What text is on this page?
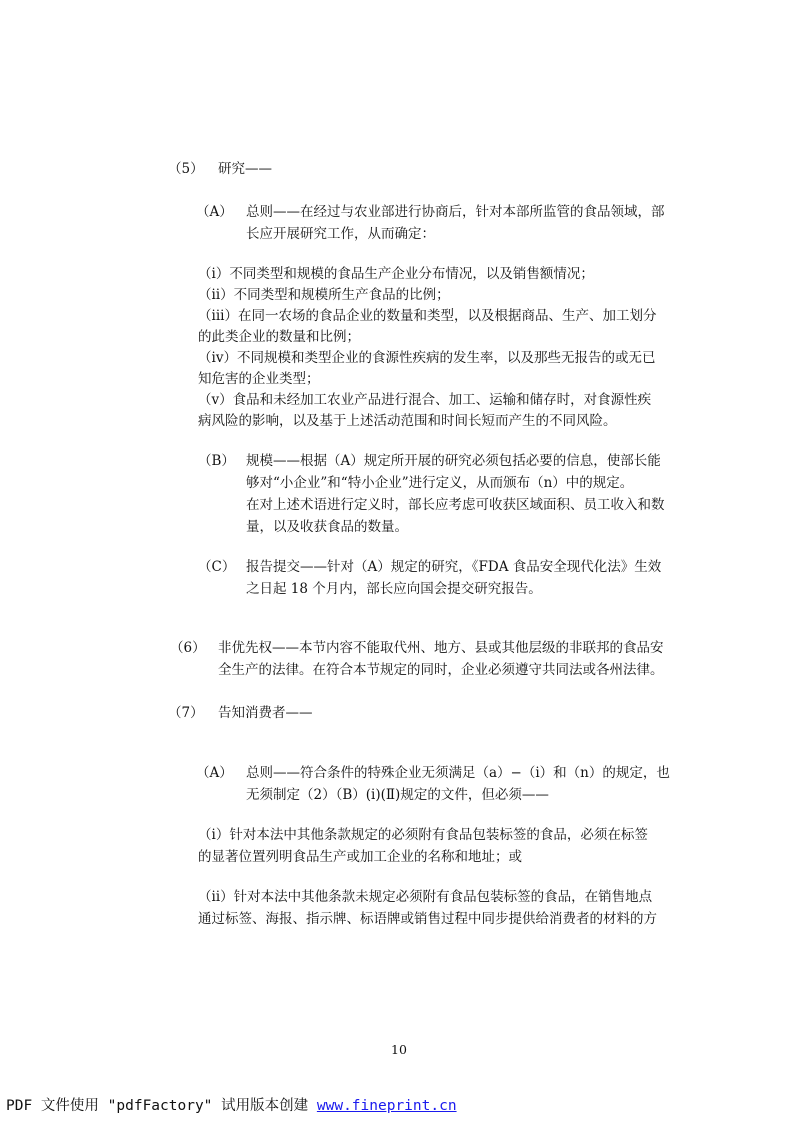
（5） 研究——
（A） 总则——在经过与农业部进行协商后，针对本部所监管的食品领域，部
长应开展研究工作，从而确定：
（ⅰ）不同类型和规模的食品生产企业分布情况，以及销售额情况；
（ⅱ）不同类型和规模所生产食品的比例；
（iii）在同一农场的食品企业的数量和类型，以及根据商品、生产、加工划分
的此类企业的数量和比例；
（iv）不同规模和类型企业的食源性疾病的发生率，以及那些无报告的或无已
知危害的企业类型；
（ⅴ）食品和未经加工农业产品进行混合、加工、运输和储存时，对食源性疾
病风险的影响，以及基于上述活动范围和时间长短而产生的不同风险。
（B） 规模——根据（A）规定所开展的研究必须包括必要的信息，使部长能
够对“小企业”和“特小企业”进行定义，从而颁布（n）中的规定。
在对上述术语进行定义时，部长应考虑可收获区域面积、员工收入和数
量，以及收获食品的数量。
（C） 报告提交——针对（A）规定的研究，《FDA 食品安全现代化法》生效
之日起 18 个月内，部长应向国会提交研究报告。
（6） 非优先权——本节内容不能取代州、地方、县或其他层级的非联邦的食品安
全生产的法律。在符合本节规定的同时，企业必须遵守共同法或各州法律。
（7） 告知消费者——
（A） 总则——符合条件的特殊企业无须满足（a）−（i）和（n）的规定，也
无须制定（2）（B）(ⅰ)(Ⅱ)规定的文件，但必须——
（ⅰ）针对本法中其他条款规定的必须附有食品包装标签的食品，必须在标签
的显著位置列明食品生产或加工企业的名称和地址；或
（ⅱ）针对本法中其他条款未规定必须附有食品包装标签的食品，在销售地点
通过标签、海报、指示牌、标语牌或销售过程中同步提供给消费者的材料的方
10
PDF 文件使用 "pdfFactory" 试用版本创建 www.fineprint.cn
